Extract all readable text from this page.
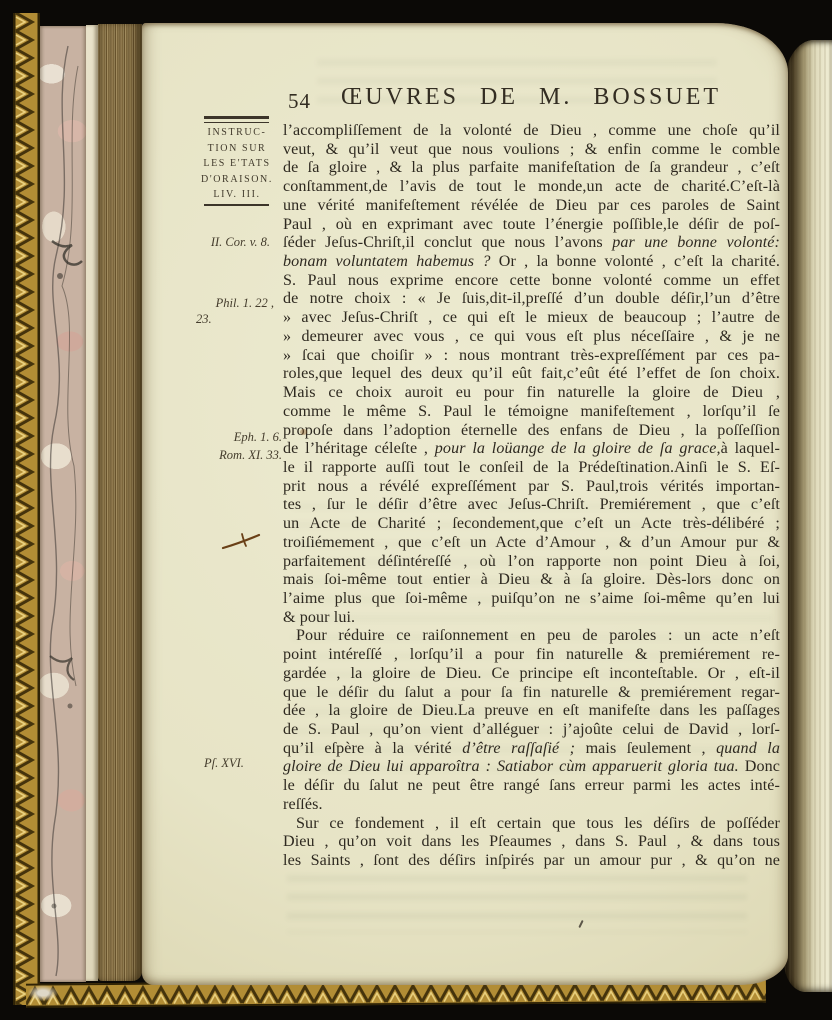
54 ŒUVRES DE M. BOSSUET
INSTRUC-
TION SUR
LES E'TATS
D'ORAISON.
LIV. III.
II. Cor. v. 8.
Phil. 1. 22 ,
23.
Eph. 1. 6.
Rom. XI. 33.
Pſ. XVI.
l’accompliſſement de la volonté de Dieu , comme une choſe qu’il
veut, & qu’il veut que nous voulions ; & enfin comme le comble
de ſa gloire , & la plus parfaite manifeſtation de ſa grandeur , c’eſt
conſtamment,de l’avis de tout le monde,un acte de charité.C’eſt-là
une vérité manifeſtement révélée de Dieu par ces paroles de Saint
Paul , où en exprimant avec toute l’énergie poſſible,le déſir de poſ-
ſéder Jeſus-Chriſt,il conclut que nous l’avons par une bonne volonté:
bonam voluntatem habemus ? Or , la bonne volonté , c’eſt la charité.
S. Paul nous exprime encore cette bonne volonté comme un effet
de notre choix : « Je ſuis,dit-il,preſſé d’un double déſir,l’un d’être
» avec Jeſus-Chriſt , ce qui eſt le mieux de beaucoup ; l’autre de
» demeurer avec vous , ce qui vous eſt plus néceſſaire , & je ne
» ſcai que choiſir » : nous montrant très-expreſſément par ces pa-
roles,que lequel des deux qu’il eût fait,c’eût été l’effet de ſon choix.
Mais ce choix auroit eu pour fin naturelle la gloire de Dieu ,
comme le même S. Paul le témoigne manifeſtement , lorſqu’il ſe
propoſe dans l’adoption éternelle des enfans de Dieu , la poſſeſſion
de l’héritage céleſte , pour la loüange de la gloire de ſa grace,à laquel-
le il rapporte auſſi tout le conſeil de la Prédeſtination.Ainſi le S. Eſ-
prit nous a révélé expreſſément par S. Paul,trois vérités importan-
tes , ſur le déſir d’être avec Jeſus-Chriſt. Premiérement , que c’eſt
un Acte de Charité ; ſecondement,que c’eſt un Acte très-délibéré ;
troiſiémement , que c’eſt un Acte d’Amour , & d’un Amour pur &
parfaitement déſintéreſſé , où l’on rapporte non point Dieu à ſoi,
mais ſoi-même tout entier à Dieu & à ſa gloire. Dès-lors donc on
l’aime plus que ſoi-même , puiſqu’on ne s’aime ſoi-même qu’en lui
& pour lui.
Pour réduire ce raiſonnement en peu de paroles : un acte n’eſt
point intéreſſé , lorſqu’il a pour fin naturelle & premiérement re-
gardée , la gloire de Dieu. Ce principe eſt inconteſtable. Or , eſt-il
que le déſir du ſalut a pour ſa fin naturelle & premiérement regar-
dée , la gloire de Dieu.La preuve en eſt manifeſte dans les paſſages
de S. Paul , qu’on vient d’alléguer : j’ajoûte celui de David , lorſ-
qu’il eſpère à la vérité d’être raſſaſié ; mais ſeulement , quand la
gloire de Dieu lui apparoîtra : Satiabor cùm apparuerit gloria tua. Donc
le déſir du ſalut ne peut être rangé ſans erreur parmi les actes inté-
reſſés.
Sur ce fondement , il eſt certain que tous les déſirs de poſſéder
Dieu , qu’on voit dans les Pſeaumes , dans S. Paul , & dans tous
les Saints , ſont des déſirs inſpirés par un amour pur , & qu’on ne
